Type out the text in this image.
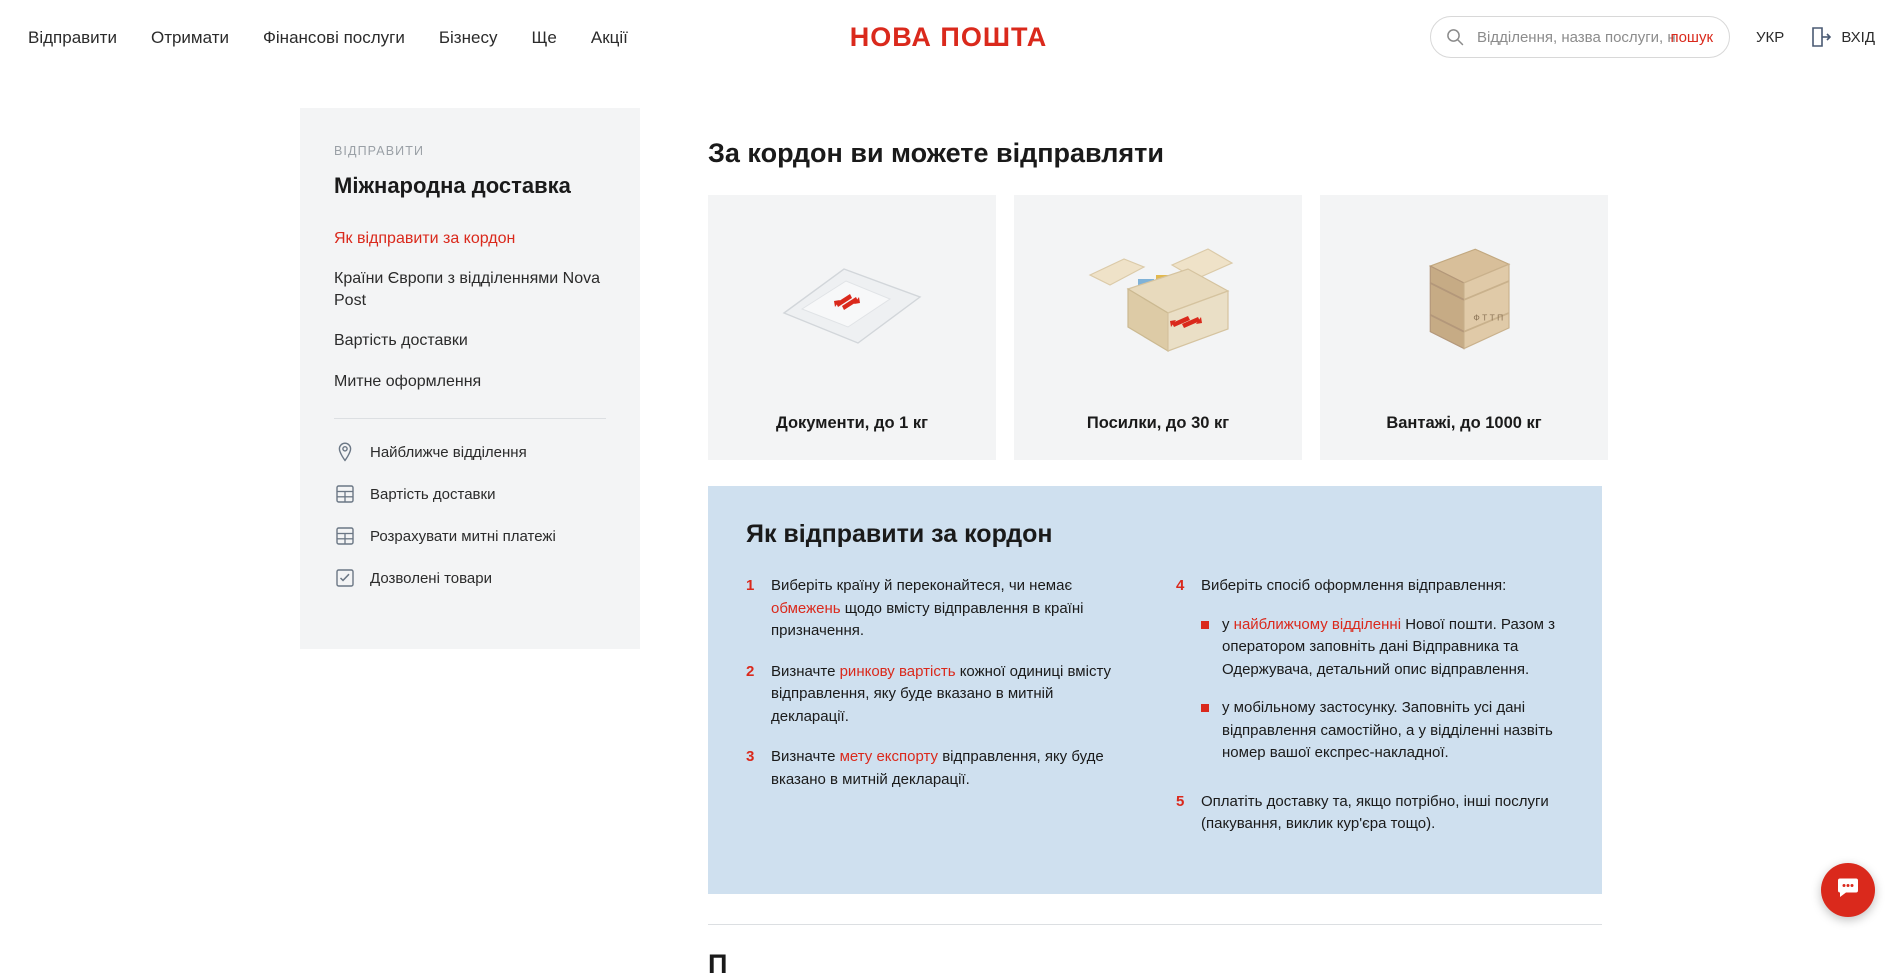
Відправити Отримати Фінансові послуги Бізнесу Ще Акції	НОВА ПОШТА
Відділення, назва послуги, н	пошук	УКР	ВХІД
ВІДПРАВИТИ
Міжнародна доставка
Як відправити за кордон
Країни Європи з відділеннями Nova Post
Вартість доставки
Митне оформлення
Найближче відділення
Вартість доставки
Розрахувати митні платежі
Дозволені товари
За кордон ви можете відправляти
Документи, до 1 кг	Посилки, до 30 кг
Ф Т Т П
Вантажі, до 1000 кг
Як відправити за кордон
1 Виберіть країну й переконайтеся, чи немає обмежень щодо вмісту відправлення в країні призначення.
2 Визначте ринкову вартість кожної одиниці вмісту відправлення, яку буде вказано в митній декларації.
3 Визначте мету експорту відправлення, яку буде вказано в митній декларації.
4 Виберіть спосіб оформлення відправлення:
у найближчому відділенні Нової пошти. Разом з оператором заповніть дані Відправника та Одержувача, детальний опис відправлення.
у мобільному застосунку. Заповніть усі дані відправлення самостійно, а у відділенні назвіть номер вашої експрес-накладної.
5 Оплатіть доставку та, якщо потрібно, інші послуги (пакування, виклик кур'єра тощо).
П
